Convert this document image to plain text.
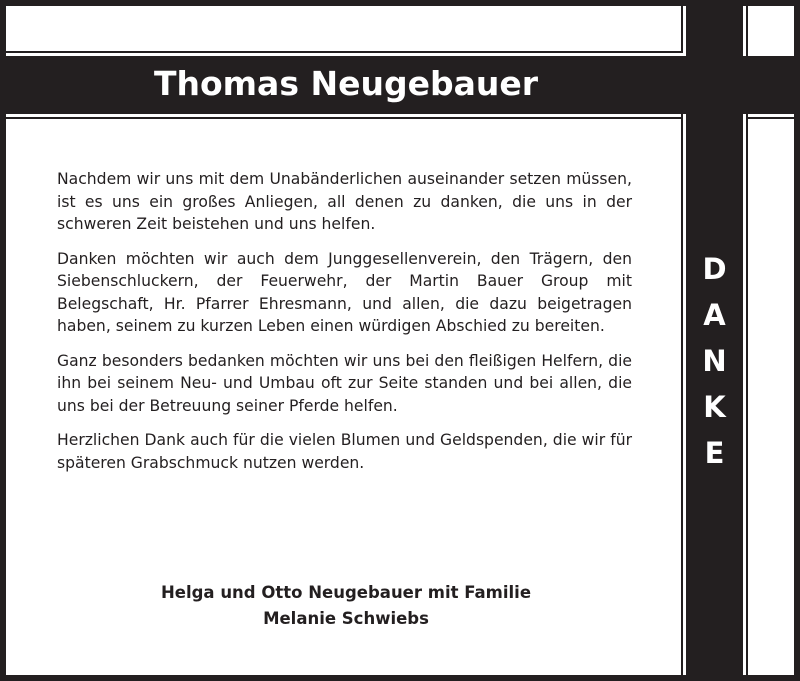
Thomas Neugebauer
D
A
N
K
E

Nachdem wir uns mit dem Unabänderlichen auseinander setzen müssen, ist es uns ein großes Anliegen, all denen zu danken, die uns in der schweren Zeit beistehen und uns helfen.

Danken möchten wir auch dem Junggesellenverein, den Trägern, den Siebenschluckern, der Feuerwehr, der Martin Bauer Group mit Belegschaft, Hr. Pfarrer Ehresmann, und allen, die dazu beigetragen haben, seinem zu kurzen Leben einen würdigen Abschied zu bereiten.

Ganz besonders bedanken möchten wir uns bei den fleißigen Helfern, die ihn bei seinem Neu- und Umbau oft zur Seite standen und bei allen, die uns bei der Betreuung seiner Pferde helfen.

Herzlichen Dank auch für die vielen Blumen und Geldspenden, die wir für späteren Grabschmuck nutzen werden.

Helga und Otto Neugebauer mit Familie
Melanie Schwiebs
